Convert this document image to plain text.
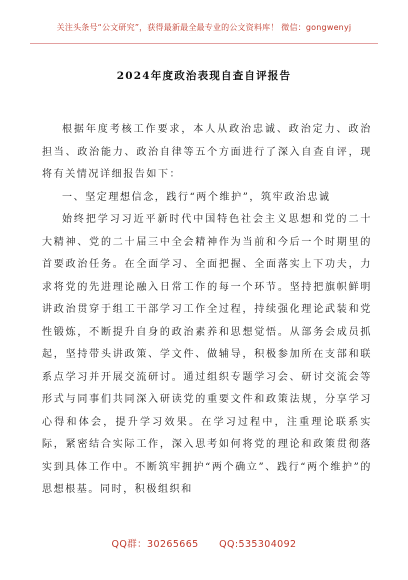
关注头条号“公文研究”，获得最新最全最专业的公文资料库！ 微信：gongwenyj
2024年度政治表现自查自评报告

根据年度考核工作要求，本人从政治忠诚、政治定力、政治担当、政治能力、政治自律等五个方面进行了深入自查自评，现将有关情况详细报告如下：

一、坚定理想信念，践行“两个维护”，筑牢政治忠诚

始终把学习习近平新时代中国特色社会主义思想和党的二十大精神、党的二十届三中全会精神作为当前和今后一个时期里的首要政治任务。在全面学习、全面把握、全面落实上下功夫，力求将党的先进理论融入日常工作的每一个环节。坚持把旗帜鲜明讲政治贯穿于组工干部学习工作全过程，持续强化理论武装和党性锻炼，不断提升自身的政治素养和思想觉悟。从部务会成员抓起，坚持带头讲政策、学文件、做辅导，积极参加所在支部和联系点学习并开展交流研讨。通过组织专题学习会、研讨交流会等形式与同事们共同深入研读党的重要文件和政策法规，分享学习心得和体会，提升学习效果。在学习过程中，注重理论联系实际，紧密结合实际工作，深入思考如何将党的理论和政策贯彻落实到具体工作中。不断筑牢拥护“两个确立”、践行“两个维护”的思想根基。同时，积极组织和

QQ群：30265665 QQ:535304092
